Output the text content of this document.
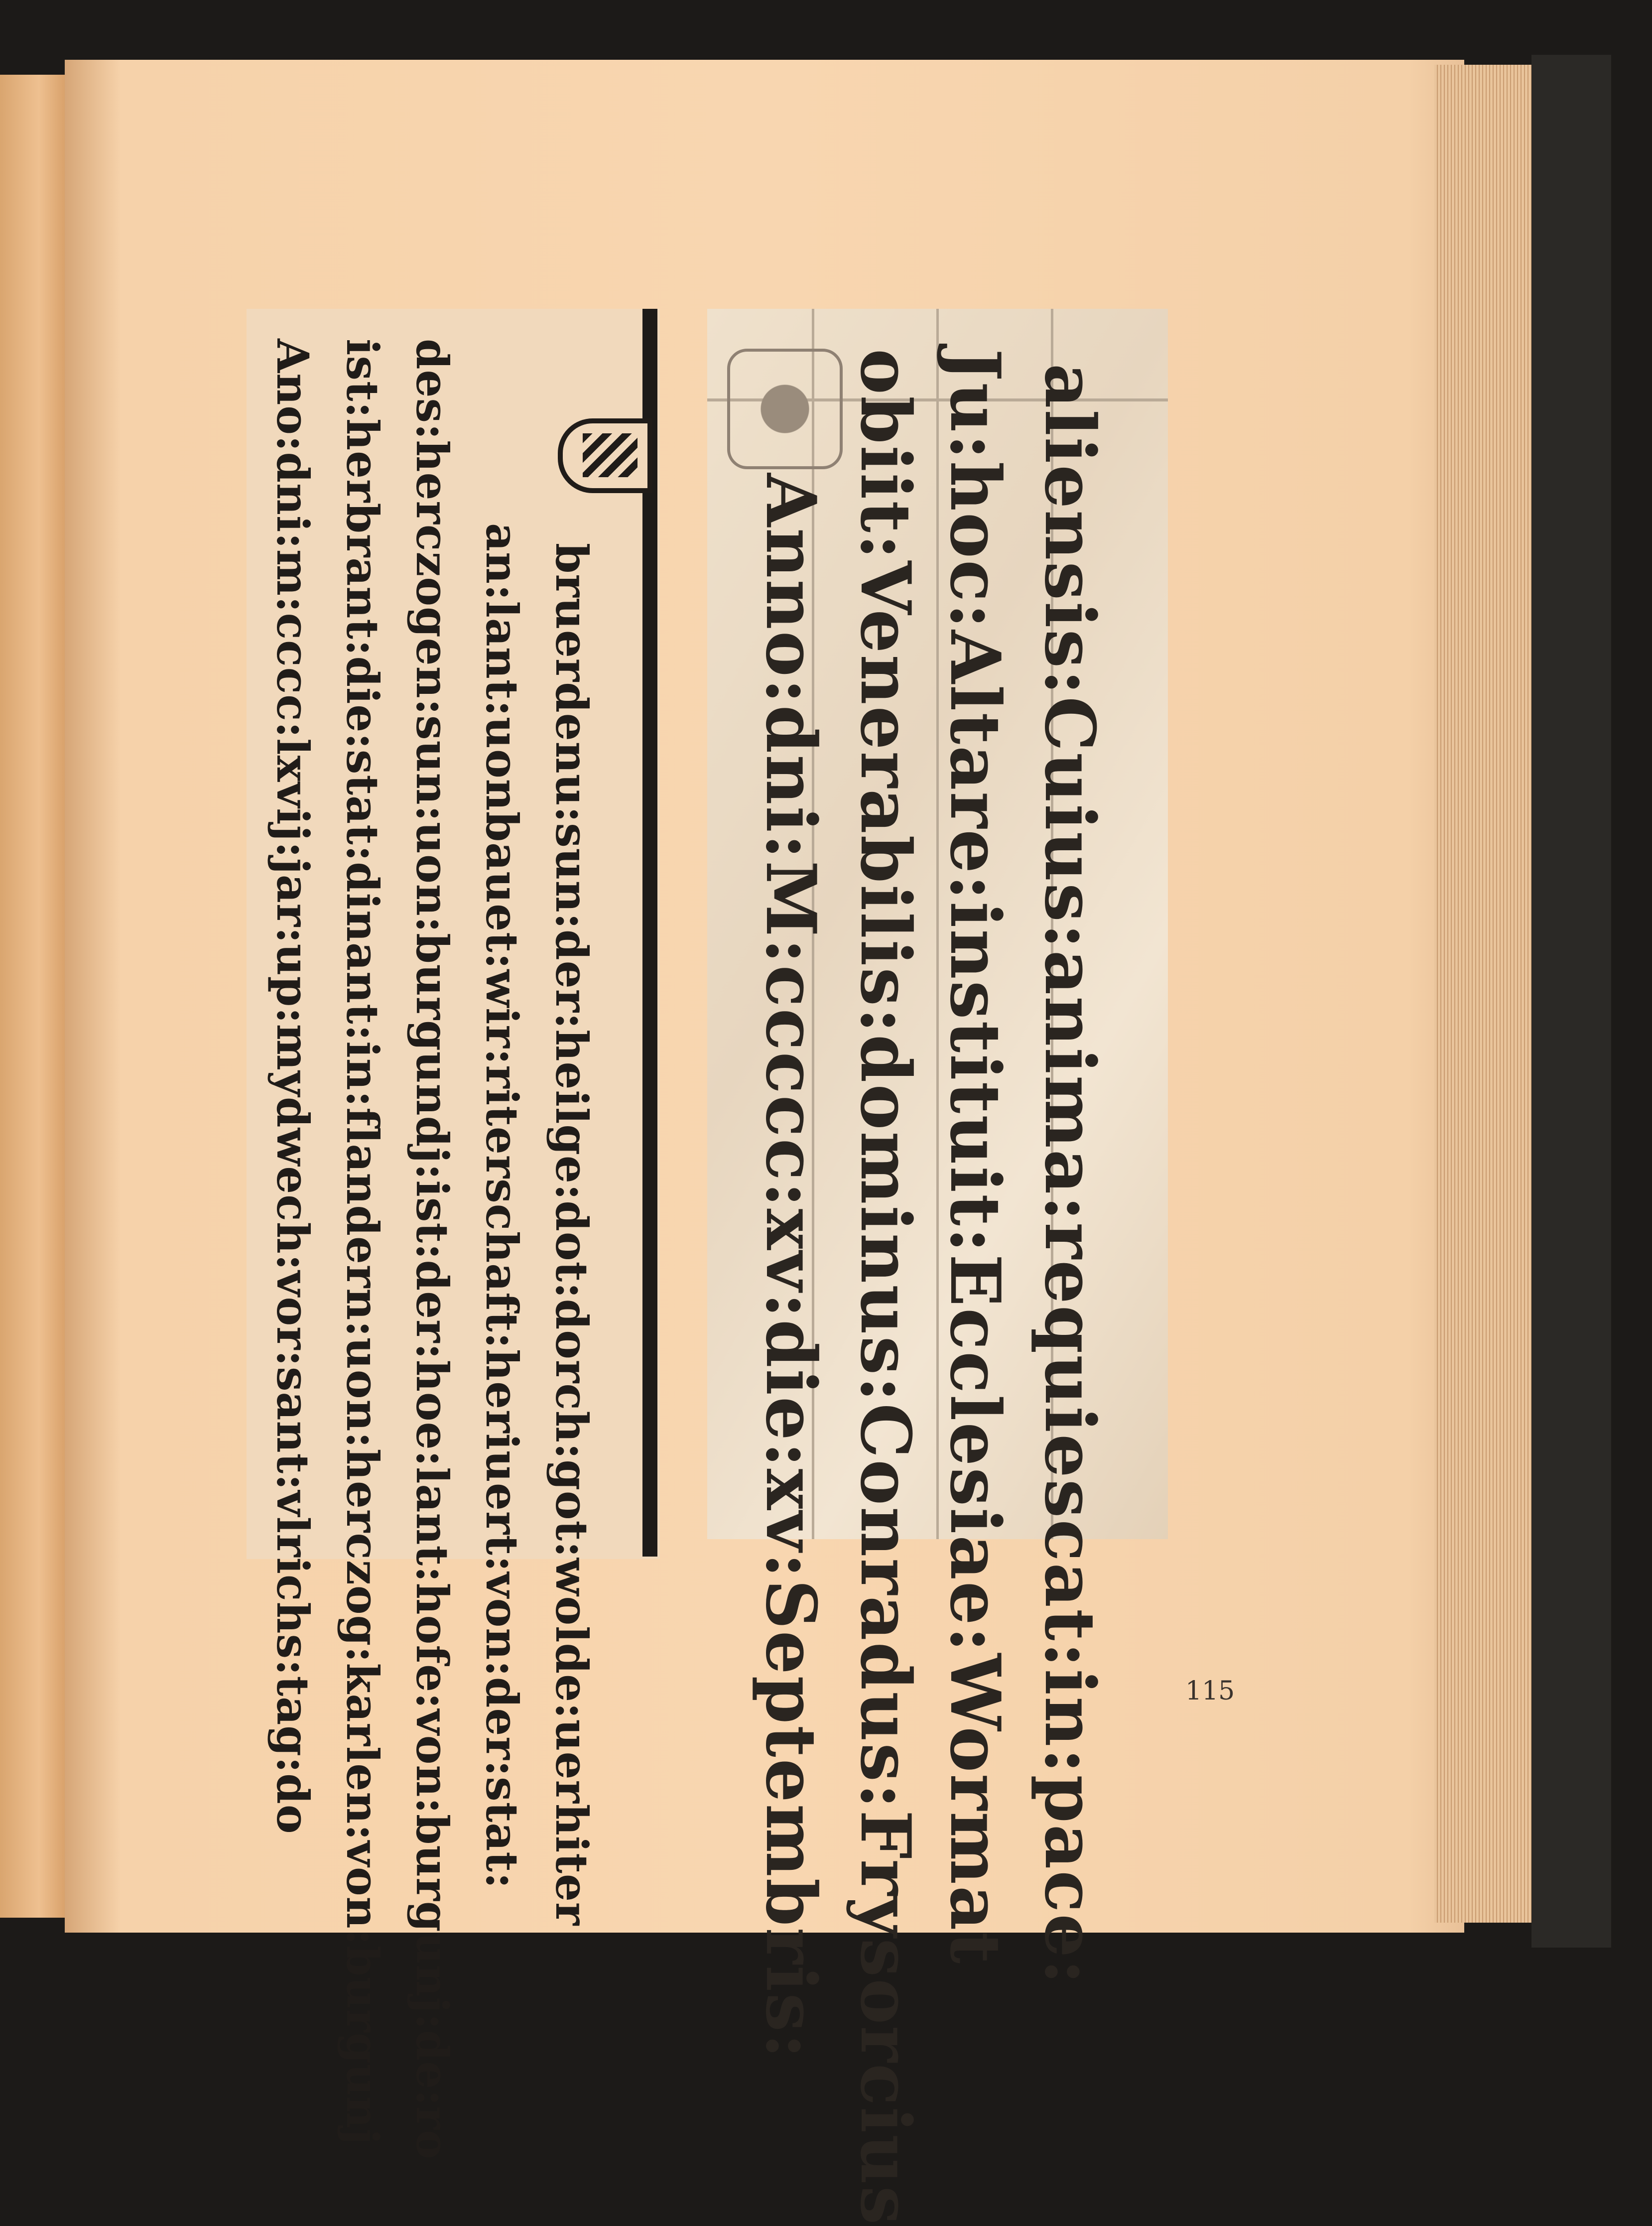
Ano:dni:m:cccc:lxvij:jar:up:mydwech:vor:sant:vlrichs:tag:do ist:herbrant:die:stat:dinant:in:flandern:uon:herczog:karlen:von:burgunj des:herczogen:sun:uon:burgundj:ist:der:hoe:lant:hofe:von:burgunj:de:ro an:lant:uonbauet:wir:riterschaft:heriuert:von:der:stat: bruerdenu:sun:der:heilge:dot:dorch:got:wolde:uerhiter Anno:dni:M:ccccc:xv:die:xv:Septembris: obiit:Venerabilis:dominus:Conradus:Frysorcius Ju:hoc:Altare:instituit:Ecclesiae:Wormat aliensis:Cuius:anima:requiescat:in:pace:	115
